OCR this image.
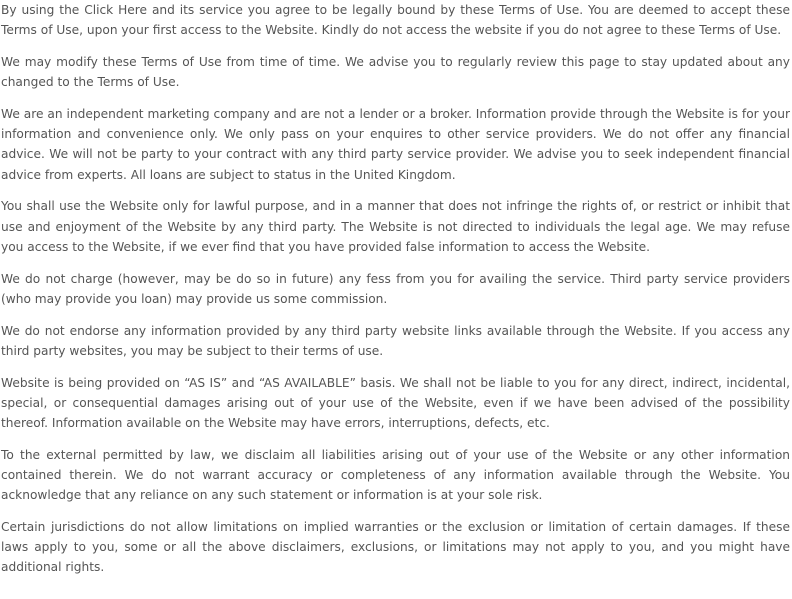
By using the Click Here and its service you agree to be legally bound by these Terms of Use. You are deemed to accept these Terms of Use, upon your first access to the Website. Kindly do not access the website if you do not agree to these Terms of Use.

We may modify these Terms of Use from time of time. We advise you to regularly review this page to stay updated about any changed to the Terms of Use.

We are an independent marketing company and are not a lender or a broker. Information provide through the Website is for your information and convenience only. We only pass on your enquires to other service providers. We do not offer any financial advice. We will not be party to your contract with any third party service provider. We advise you to seek independent financial advice from experts. All loans are subject to status in the United Kingdom.

You shall use the Website only for lawful purpose, and in a manner that does not infringe the rights of, or restrict or inhibit that use and enjoyment of the Website by any third party. The Website is not directed to individuals the legal age. We may refuse you access to the Website, if we ever find that you have provided false information to access the Website.

We do not charge (however, may be do so in future) any fess from you for availing the service. Third party service providers (who may provide you loan) may provide us some commission.

We do not endorse any information provided by any third party website links available through the Website. If you access any third party websites, you may be subject to their terms of use.

Website is being provided on “AS IS” and “AS AVAILABLE” basis. We shall not be liable to you for any direct, indirect, incidental, special, or consequential damages arising out of your use of the Website, even if we have been advised of the possibility thereof. Information available on the Website may have errors, interruptions, defects, etc.

To the external permitted by law, we disclaim all liabilities arising out of your use of the Website or any other information contained therein. We do not warrant accuracy or completeness of any information available through the Website. You acknowledge that any reliance on any such statement or information is at your sole risk.

Certain jurisdictions do not allow limitations on implied warranties or the exclusion or limitation of certain damages. If these laws apply to you, some or all the above disclaimers, exclusions, or limitations may not apply to you, and you might have additional rights.
